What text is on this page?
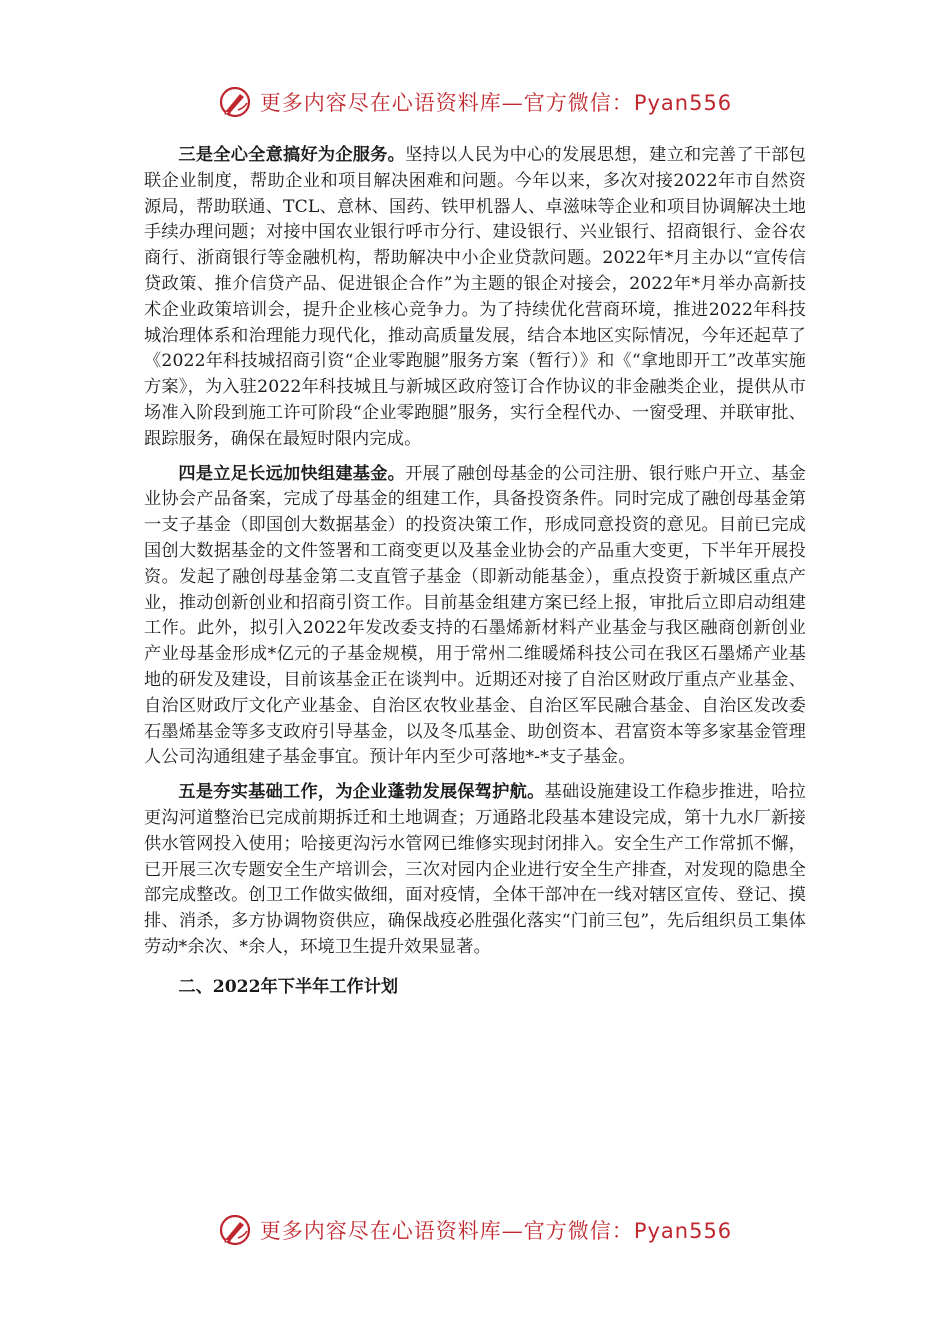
更多内容尽在心语资料库—官方微信：Pyan556

三是全心全意搞好为企服务。坚持以人民为中心的发展思想，建立和完善了干部包联企业制度，帮助企业和项目解决困难和问题。今年以来，多次对接2022年市自然资源局，帮助联通、TCL、意林、国药、铁甲机器人、卓滋味等企业和项目协调解决土地手续办理问题；对接中国农业银行呼市分行、建设银行、兴业银行、招商银行、金谷农商行、浙商银行等金融机构，帮助解决中小企业贷款问题。2022年*月主办以“宣传信贷政策、推介信贷产品、促进银企合作”为主题的银企对接会，2022年*月举办高新技术企业政策培训会，提升企业核心竞争力。为了持续优化营商环境，推进2022年科技城治理体系和治理能力现代化，推动高质量发展，结合本地区实际情况，今年还起草了《2022年科技城招商引资“企业零跑腿”服务方案（暂行）》和《“拿地即开工”改革实施方案》，为入驻2022年科技城且与新城区政府签订合作协议的非金融类企业，提供从市场准入阶段到施工许可阶段“企业零跑腿”服务，实行全程代办、一窗受理、并联审批、跟踪服务，确保在最短时限内完成。

四是立足长远加快组建基金。开展了融创母基金的公司注册、银行账户开立、基金业协会产品备案，完成了母基金的组建工作，具备投资条件。同时完成了融创母基金第一支子基金（即国创大数据基金）的投资决策工作，形成同意投资的意见。目前已完成国创大数据基金的文件签署和工商变更以及基金业协会的产品重大变更，下半年开展投资。发起了融创母基金第二支直管子基金（即新动能基金），重点投资于新城区重点产业，推动创新创业和招商引资工作。目前基金组建方案已经上报，审批后立即启动组建工作。此外，拟引入2022年发改委支持的石墨烯新材料产业基金与我区融商创新创业产业母基金形成*亿元的子基金规模，用于常州二维暖烯科技公司在我区石墨烯产业基地的研发及建设，目前该基金正在谈判中。近期还对接了自治区财政厅重点产业基金、自治区财政厅文化产业基金、自治区农牧业基金、自治区军民融合基金、自治区发改委石墨烯基金等多支政府引导基金，以及冬瓜基金、助创资本、君富资本等多家基金管理人公司沟通组建子基金事宜。预计年内至少可落地*-*支子基金。

五是夯实基础工作，为企业蓬勃发展保驾护航。基础设施建设工作稳步推进，哈拉更沟河道整治已完成前期拆迁和土地调查；万通路北段基本建设完成，第十九水厂新接供水管网投入使用；哈接更沟污水管网已维修实现封闭排入。安全生产工作常抓不懈，已开展三次专题安全生产培训会，三次对园内企业进行安全生产排查，对发现的隐患全部完成整改。创卫工作做实做细，面对疫情，全体干部冲在一线对辖区宣传、登记、摸排、消杀，多方协调物资供应，确保战疫必胜强化落实“门前三包”，先后组织员工集体劳动*余次、*余人，环境卫生提升效果显著。

二、2022年下半年工作计划

更多内容尽在心语资料库—官方微信：Pyan556
